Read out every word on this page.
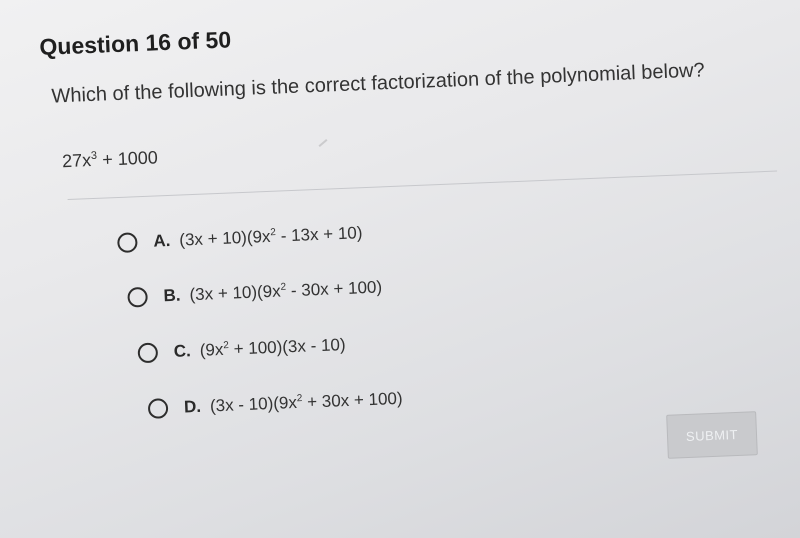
Question 16 of 50
Which of the following is the correct factorization of the polynomial below?
$27x^3 + 1000$
A. $(3x + 10)(9x^2 - 13x + 10)$
B. $(3x + 10)(9x^2 - 30x + 100)$
C. $(9x^2 + 100)(3x - 10)$
D. $(3x - 10)(9x^2 + 30x + 100)$
SUBMIT
